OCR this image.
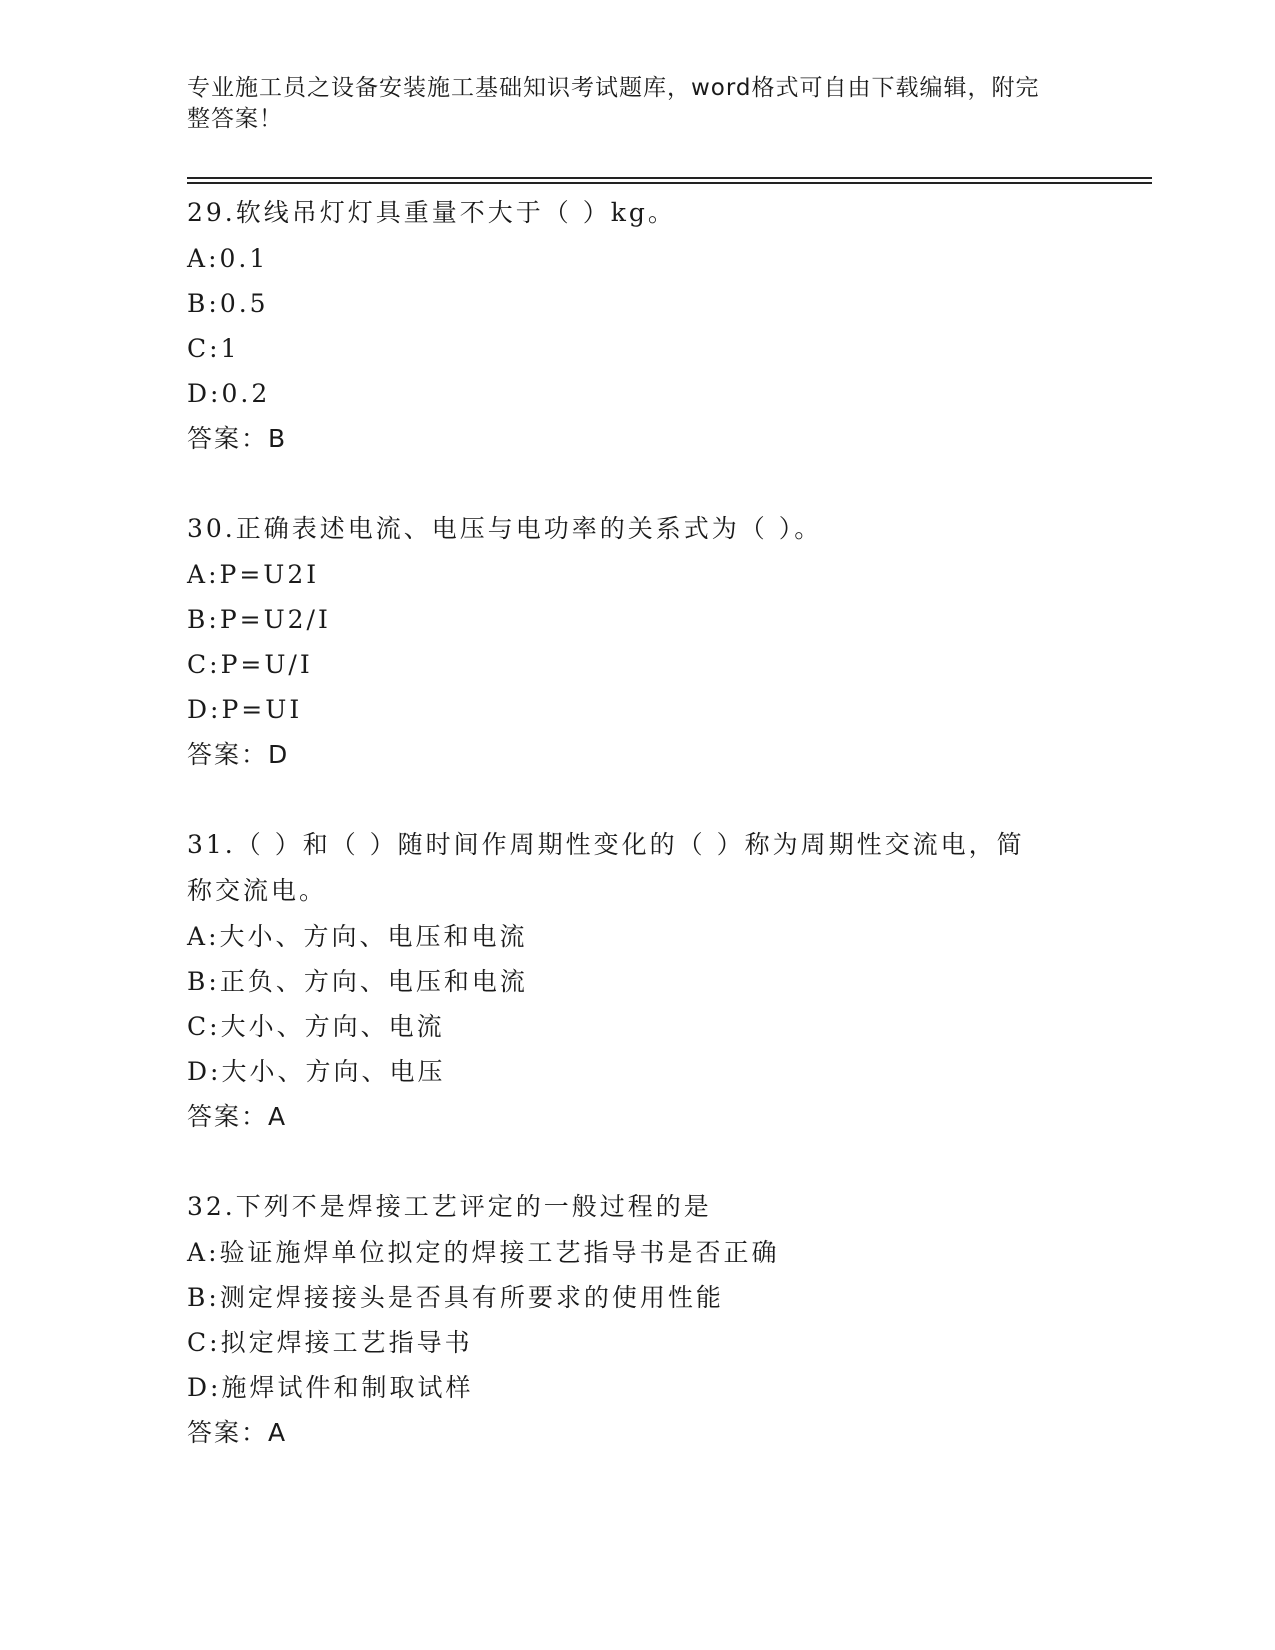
专业施工员之设备安装施工基础知识考试题库，word格式可自由下载编辑，附完
整答案！

29.软线吊灯灯具重量不大于（ ）kg。

A:0.1

B:0.5

C:1

D:0.2

答案：B

30.正确表述电流、电压与电功率的关系式为（ ）。

A:P=U2I

B:P=U2/I

C:P=U/I

D:P=UI

答案：D

31.（ ）和（ ）随时间作周期性变化的（ ）称为周期性交流电，简

称交流电。

A:大小、方向、电压和电流

B:正负、方向、电压和电流

C:大小、方向、电流

D:大小、方向、电压

答案：A

32.下列不是焊接工艺评定的一般过程的是

A:验证施焊单位拟定的焊接工艺指导书是否正确

B:测定焊接接头是否具有所要求的使用性能

C:拟定焊接工艺指导书

D:施焊试件和制取试样

答案：A
